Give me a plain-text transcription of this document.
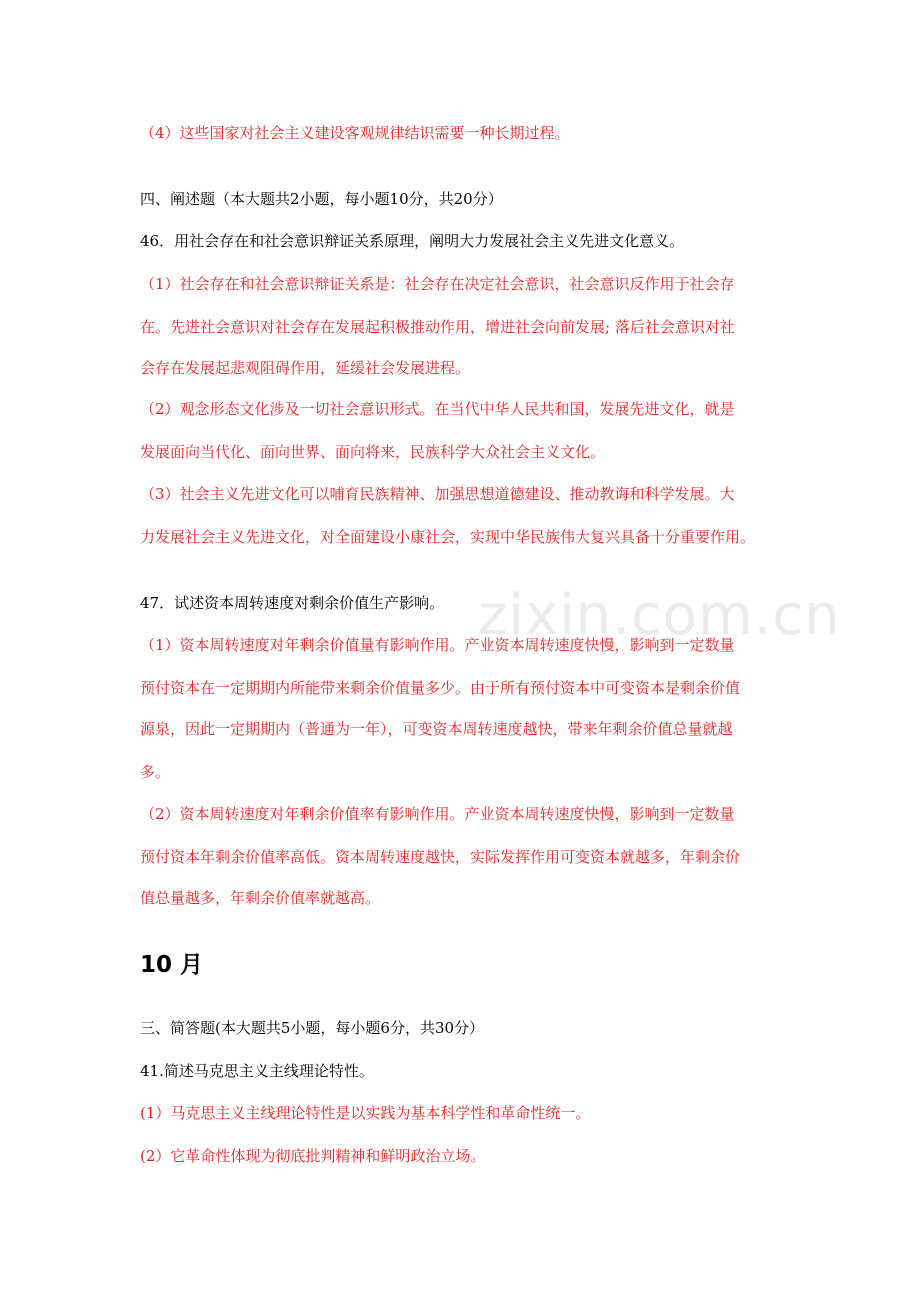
zixin.com.cn
（4）这些国家对社会主义建设客观规律结识需要一种长期过程。
四、阐述题（本大题共2小题，每小题10分，共20分）
46．用社会存在和社会意识辩证关系原理，阐明大力发展社会主义先进文化意义。
（1）社会存在和社会意识辩证关系是：社会存在决定社会意识，社会意识反作用于社会存
在。先进社会意识对社会存在发展起积极推动作用，增进社会向前发展; 落后社会意识对社
会存在发展起悲观阻碍作用，延缓社会发展进程。
（2）观念形态文化涉及一切社会意识形式。在当代中华人民共和国，发展先进文化，就是
发展面向当代化、面向世界、面向将来，民族科学大众社会主义文化。
（3）社会主义先进文化可以哺育民族精神、加强思想道德建设、推动教诲和科学发展。大
力发展社会主义先进文化，对全面建设小康社会，实现中华民族伟大复兴具备十分重要作用。
47．试述资本周转速度对剩余价值生产影响。
（1）资本周转速度对年剩余价值量有影响作用。产业资本周转速度快慢，影响到一定数量
预付资本在一定期期内所能带来剩余价值量多少。由于所有预付资本中可变资本是剩余价值
源泉，因此一定期期内（普通为一年），可变资本周转速度越快，带来年剩余价值总量就越
多。
（2）资本周转速度对年剩余价值率有影响作用。产业资本周转速度快慢，影响到一定数量
预付资本年剩余价值率高低。资本周转速度越快，实际发挥作用可变资本就越多，年剩余价
值总量越多，年剩余价值率就越高。
10 月
三、简答题(本大题共5小题，每小题6分，共30分）
41.简述马克思主义主线理论特性。
(1）马克思主义主线理论特性是以实践为基本科学性和革命性统一。
(2）它革命性体现为彻底批判精神和鲜明政治立场。
